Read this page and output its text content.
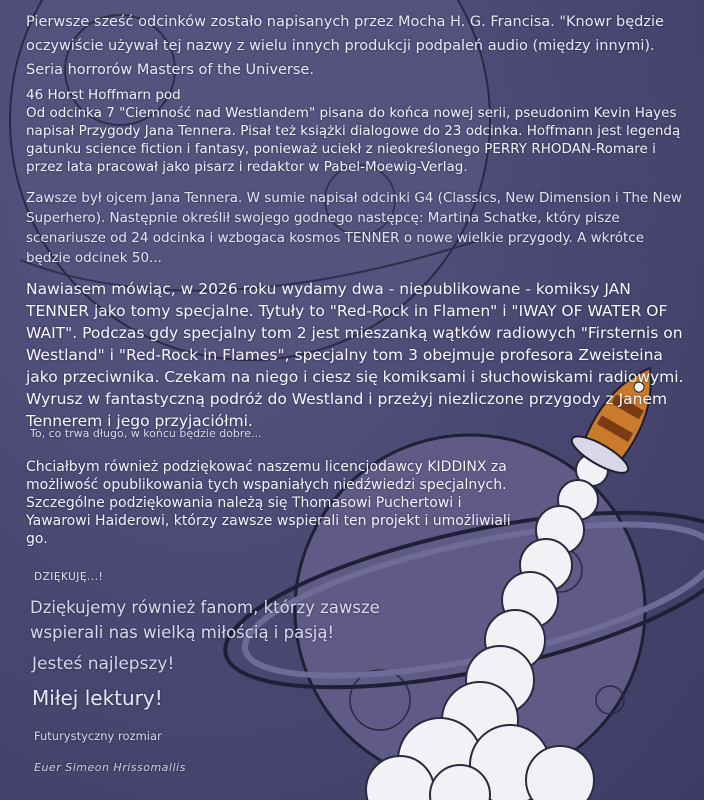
Pierwsze sześć odcinków zostało napisanych przez Mocha H. G. Francisa. "Knowr będzie oczywiście używał tej nazwy z wielu innych produkcji podpaleń audio (między innymi). Seria horrorów Masters of the Universe.

46 Horst Hoffmarn pod

Od odcinka 7 "Ciemność nad Westlandem" pisana do końca nowej serii, pseudonim Kevin Hayes napisał Przygody Jana Tennera. Pisał też książki dialogowe do 23 odcinka. Hoffmann jest legendą gatunku science fiction i fantasy, ponieważ uciekł z nieokreślonego PERRY RHODAN-Romare i przez lata pracował jako pisarz i redaktor w Pabel-Moewig-Verlag.

Zawsze był ojcem Jana Tennera. W sumie napisał odcinki G4 (Classics, New Dimension i The New Superhero). Następnie określił swojego godnego następcę: Martina Schatke, który pisze scenariusze od 24 odcinka i wzbogaca kosmos TENNER o nowe wielkie przygody. A wkrótce będzie odcinek 50...

Nawiasem mówiąc, w 2026 roku wydamy dwa - niepublikowane - komiksy JAN TENNER jako tomy specjalne. Tytuły to "Red-Rock in Flamen" i "IWAY OF WATER OF WAIT". Podczas gdy specjalny tom 2 jest mieszanką wątków radiowych "Firsternis on Westland" i "Red-Rock in Flames", specjalny tom 3 obejmuje profesora Zweisteina jako przeciwnika. Czekam na niego i ciesz się komiksami i słuchowiskami radiowymi. Wyrusz w fantastyczną podróż do Westland i przeżyj niezliczone przygody z Janem Tennerem i jego przyjaciółmi.

To, co trwa długo, w końcu będzie dobre...

Chciałbym również podziękować naszemu licencjodawcy KIDDINX za możliwość opublikowania tych wspaniałych niedźwiedzi specjalnych. Szczególne podziękowania należą się Thomasowi Puchertowi i Yawarowi Haiderowi, którzy zawsze wspierali ten projekt i umożliwiali go.

DZIĘKUJĘ...!

Dziękujemy również fanom, którzy zawsze wspierali nas wielką miłością i pasją!

Jesteś najlepszy!

Miłej lektury!

Futurystyczny rozmiar

Euer Simeon Hrissomallis
